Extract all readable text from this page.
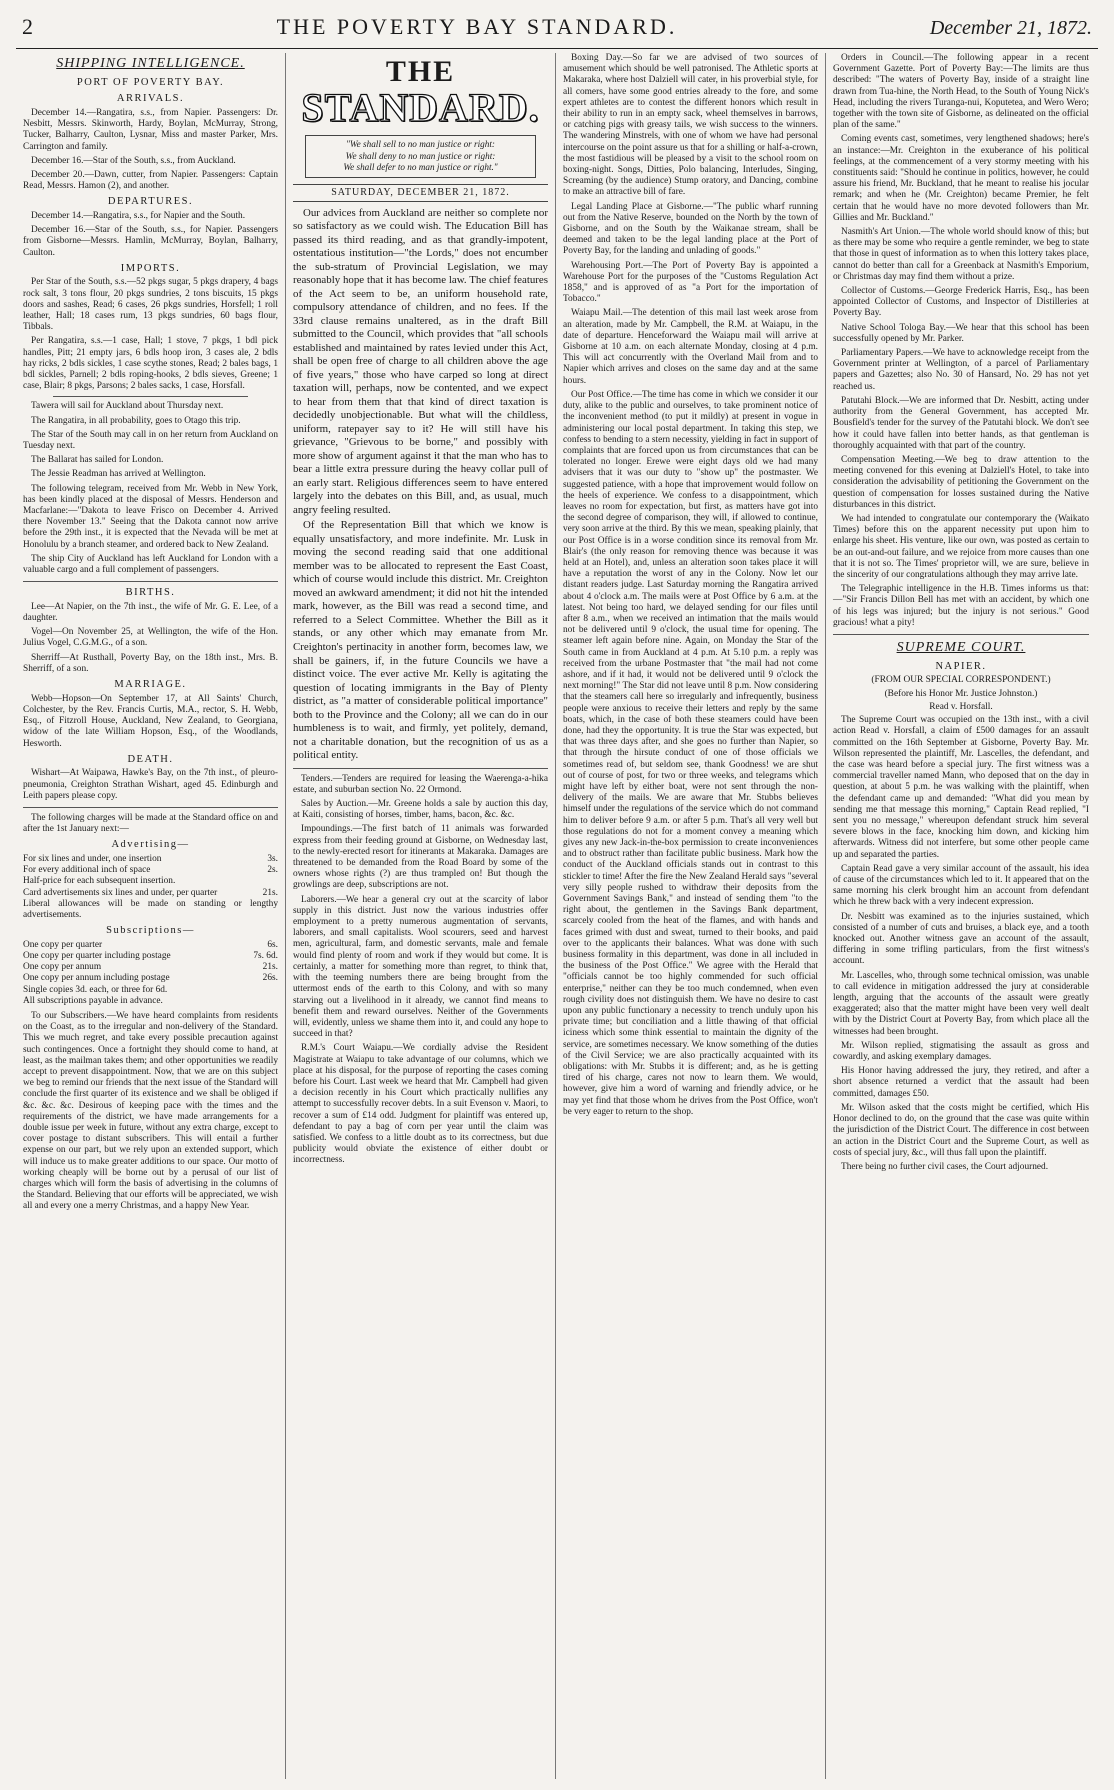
2	THE POVERTY BAY STANDARD.	December 21, 1872.
SHIPPING INTELLIGENCE.
PORT OF POVERTY BAY.
ARRIVALS.

December 14.—Rangatira, s.s., from Napier. Passengers: Dr. Nesbitt, Messrs. Skinworth, Hardy, Boylan, McMurray, Strong, Tucker, Balharry, Caulton, Lysnar, Miss and master Parker, Mrs. Carrington and family.

December 16.—Star of the South, s.s., from Auckland.

December 20.—Dawn, cutter, from Napier. Passengers: Captain Read, Messrs. Hamon (2), and another.

DEPARTURES.

December 14.—Rangatira, s.s., for Napier and the South.

December 16.—Star of the South, s.s., for Napier. Passengers from Gisborne—Messrs. Hamlin, McMurray, Boylan, Balharry, Caulton.

IMPORTS.

Per Star of the South, s.s.—52 pkgs sugar, 5 pkgs drapery, 4 bags rock salt, 3 tons flour, 20 pkgs sundries, 2 tons biscuits, 15 pkgs doors and sashes, Read; 6 cases, 26 pkgs sundries, Horsfell; 1 roll leather, Hall; 18 cases rum, 13 pkgs sundries, 60 bags flour, Tibbals.

Per Rangatira, s.s.—1 case, Hall; 1 stove, 7 pkgs, 1 bdl pick handles, Pitt; 21 empty jars, 6 bdls hoop iron, 3 cases ale, 2 bdls hay ricks, 2 bdls sickles, 1 case scythe stones, Read; 2 bales bags, 1 bdl sickles, Parnell; 2 bdls roping-hooks, 2 bdls sieves, Greene; 1 case, Blair; 8 pkgs, Parsons; 2 bales sacks, 1 case, Horsfall.

Tawera will sail for Auckland about Thursday next.

The Rangatira, in all probability, goes to Otago this trip.

The Star of the South may call in on her return from Auckland on Tuesday next.

The Ballarat has sailed for London.

The Jessie Readman has arrived at Wellington.

The following telegram, received from Mr. Webb in New York, has been kindly placed at the disposal of Messrs. Henderson and Macfarlane:—"Dakota to leave Frisco on December 4. Arrived there November 13." Seeing that the Dakota cannot now arrive before the 29th inst., it is expected that the Nevada will be met at Honolulu by a branch steamer, and ordered back to New Zealand.

The ship City of Auckland has left Auckland for London with a valuable cargo and a full complement of passengers.

BIRTHS.

Lee—At Napier, on the 7th inst., the wife of Mr. G. E. Lee, of a daughter.

Vogel—On November 25, at Wellington, the wife of the Hon. Julius Vogel, C.G.M.G., of a son.

Sherriff—At Rusthall, Poverty Bay, on the 18th inst., Mrs. B. Sherriff, of a son.

MARRIAGE.

Webb—Hopson—On September 17, at All Saints' Church, Colchester, by the Rev. Francis Curtis, M.A., rector, S. H. Webb, Esq., of Fitzroll House, Auckland, New Zealand, to Georgiana, widow of the late William Hopson, Esq., of the Woodlands, Hesworth.

DEATH.

Wishart—At Waipawa, Hawke's Bay, on the 7th inst., of pleuro-pneumonia, Creighton Strathan Wishart, aged 45. Edinburgh and Leith papers please copy.

The following charges will be made at the Standard office on and after the 1st January next:—

Advertising—
For six lines and under, one insertion	3s.
For every additional inch of space	2s.
Half-price for each subsequent insertion.
Card advertisements six lines and under, per quarter	21s.
Liberal allowances will be made on standing or lengthy advertisements.
Subscriptions—
One copy per quarter	6s.
One copy per quarter including postage	7s. 6d.
One copy per annum	21s.
One copy per annum including postage	26s.
Single copies 3d. each, or three for 6d.
All subscriptions payable in advance.

To our Subscribers.—We have heard complaints from residents on the Coast, as to the irregular and non-delivery of the Standard. This we much regret, and take every possible precaution against such contingences. Once a fortnight they should come to hand, at least, as the mailman takes them; and other opportunities we readily accept to prevent disappointment. Now, that we are on this subject we beg to remind our friends that the next issue of the Standard will conclude the first quarter of its existence and we shall be obliged if &c. &c. &c. Desirous of keeping pace with the times and the requirements of the district, we have made arrangements for a double issue per week in future, without any extra charge, except to cover postage to distant subscribers. This will entail a further expense on our part, but we rely upon an extended support, which will induce us to make greater additions to our space. Our motto of working cheaply will be borne out by a perusal of our list of charges which will form the basis of advertising in the columns of the Standard. Believing that our efforts will be appreciated, we wish all and every one a merry Christmas, and a happy New Year.

THE
STANDARD.
"We shall sell to no man justice or right:
We shall deny to no man justice or right:
We shall defer to no man justice or right."
SATURDAY, DECEMBER 21, 1872.

Our advices from Auckland are neither so complete nor so satisfactory as we could wish. The Education Bill has passed its third reading, and as that grandly-impotent, ostentatious institution—"the Lords," does not encumber the sub-stratum of Provincial Legislation, we may reasonably hope that it has become law. The chief features of the Act seem to be, an uniform household rate, compulsory attendance of children, and no fees. If the 33rd clause remains unaltered, as in the draft Bill submitted to the Council, which provides that "all schools established and maintained by rates levied under this Act, shall be open free of charge to all children above the age of five years," those who have carped so long at direct taxation will, perhaps, now be contented, and we expect to hear from them that that kind of direct taxation is decidedly unobjectionable. But what will the childless, uniform, ratepayer say to it? He will still have his grievance, "Grievous to be borne," and possibly with more show of argument against it that the man who has to bear a little extra pressure during the heavy collar pull of an early start. Religious differences seem to have entered largely into the debates on this Bill, and, as usual, much angry feeling resulted.

Of the Representation Bill that which we know is equally unsatisfactory, and more indefinite. Mr. Lusk in moving the second reading said that one additional member was to be allocated to represent the East Coast, which of course would include this district. Mr. Creighton moved an awkward amendment; it did not hit the intended mark, however, as the Bill was read a second time, and referred to a Select Committee. Whether the Bill as it stands, or any other which may emanate from Mr. Creighton's pertinacity in another form, becomes law, we shall be gainers, if, in the future Councils we have a distinct voice. The ever active Mr. Kelly is agitating the question of locating immigrants in the Bay of Plenty district, as "a matter of considerable political importance" both to the Province and the Colony; all we can do in our humbleness is to wait, and firmly, yet politely, demand, not a charitable donation, but the recognition of us as a political entity.

Tenders.—Tenders are required for leasing the Waerenga-a-hika estate, and suburban section No. 22 Ormond.

Sales by Auction.—Mr. Greene holds a sale by auction this day, at Kaiti, consisting of horses, timber, hams, bacon, &c. &c.

Impoundings.—The first batch of 11 animals was forwarded express from their feeding ground at Gisborne, on Wednesday last, to the newly-erected resort for itinerants at Makaraka. Damages are threatened to be demanded from the Road Board by some of the owners whose rights (?) are thus trampled on! But though the growlings are deep, subscriptions are not.

Laborers.—We hear a general cry out at the scarcity of labor supply in this district. Just now the various industries offer employment to a pretty numerous augmentation of servants, laborers, and small capitalists. Wool scourers, seed and harvest men, agricultural, farm, and domestic servants, male and female would find plenty of room and work if they would but come. It is certainly, a matter for something more than regret, to think that, with the teeming numbers there are being brought from the uttermost ends of the earth to this Colony, and with so many starving out a livelihood in it already, we cannot find means to benefit them and reward ourselves. Neither of the Governments will, evidently, unless we shame them into it, and could any hope to succeed in that?

R.M.'s Court Waiapu.—We cordially advise the Resident Magistrate at Waiapu to take advantage of our columns, which we place at his disposal, for the purpose of reporting the cases coming before his Court. Last week we heard that Mr. Campbell had given a decision recently in his Court which practically nullifies any attempt to successfully recover debts. In a suit Evenson v. Maori, to recover a sum of £14 odd. Judgment for plaintiff was entered up, defendant to pay a bag of corn per year until the claim was satisfied. We confess to a little doubt as to its correctness, but due publicity would obviate the existence of either doubt or incorrectness.

Boxing Day.—So far we are advised of two sources of amusement which should be well patronised. The Athletic sports at Makaraka, where host Dalziell will cater, in his proverbial style, for all comers, have some good entries already to the fore, and some expert athletes are to contest the different honors which result in their ability to run in an empty sack, wheel themselves in barrows, or catching pigs with greasy tails, we wish success to the winners. The wandering Minstrels, with one of whom we have had personal intercourse on the point assure us that for a shilling or half-a-crown, the most fastidious will be pleased by a visit to the school room on boxing-night. Songs, Ditties, Polo balancing, Interludes, Singing, Screaming (by the audience) Stump oratory, and Dancing, combine to make an attractive bill of fare.

Legal Landing Place at Gisborne.—"The public wharf running out from the Native Reserve, bounded on the North by the town of Gisborne, and on the South by the Waikanae stream, shall be deemed and taken to be the legal landing place at the Port of Poverty Bay, for the landing and unlading of goods."

Warehousing Port.—The Port of Poverty Bay is appointed a Warehouse Port for the purposes of the "Customs Regulation Act 1858," and is approved of as "a Port for the importation of Tobacco."

Waiapu Mail.—The detention of this mail last week arose from an alteration, made by Mr. Campbell, the R.M. at Waiapu, in the date of departure. Henceforward the Waiapu mail will arrive at Gisborne at 10 a.m. on each alternate Monday, closing at 4 p.m. This will act concurrently with the Overland Mail from and to Napier which arrives and closes on the same day and at the same hours.

Our Post Office.—The time has come in which we consider it our duty, alike to the public and ourselves, to take prominent notice of the inconvenient method (to put it mildly) at present in vogue in administering our local postal department. In taking this step, we confess to bending to a stern necessity, yielding in fact in support of complaints that are forced upon us from circumstances that can be tolerated no longer. Erewe were eight days old we had many advisers that it was our duty to "show up" the postmaster. We suggested patience, with a hope that improvement would follow on the heels of experience. We confess to a disappointment, which leaves no room for expectation, but first, as matters have got into the second degree of comparison, they will, if allowed to continue, very soon arrive at the third. By this we mean, speaking plainly, that our Post Office is in a worse condition since its removal from Mr. Blair's (the only reason for removing thence was because it was held at an Hotel), and, unless an alteration soon takes place it will have a reputation the worst of any in the Colony. Now let our distant readers judge. Last Saturday morning the Rangatira arrived about 4 o'clock a.m. The mails were at Post Office by 6 a.m. at the latest. Not being too hard, we delayed sending for our files until after 8 a.m., when we received an intimation that the mails would not be delivered until 9 o'clock, the usual time for opening. The steamer left again before nine. Again, on Monday the Star of the South came in from Auckland at 4 p.m. At 5.10 p.m. a reply was received from the urbane Postmaster that "the mail had not come ashore, and if it had, it would not be delivered until 9 o'clock the next morning!" The Star did not leave until 8 p.m. Now considering that the steamers call here so irregularly and infrequently, business people were anxious to receive their letters and reply by the same boats, which, in the case of both these steamers could have been done, had they the opportunity. It is true the Star was expected, but that was three days after, and she goes no further than Napier, so that through the hirsute conduct of one of those officials we sometimes read of, but seldom see, thank Goodness! we are shut out of course of post, for two or three weeks, and telegrams which might have left by either boat, were not sent through the non-delivery of the mails. We are aware that Mr. Stubbs believes himself under the regulations of the service which do not command him to deliver before 9 a.m. or after 5 p.m. That's all very well but those regulations do not for a moment convey a meaning which gives any new Jack-in-the-box permission to create inconveniences and to obstruct rather than facilitate public business. Mark how the conduct of the Auckland officials stands out in contrast to this stickler to time! After the fire the New Zealand Herald says "several very silly people rushed to withdraw their deposits from the Government Savings Bank," and instead of sending them "to the right about, the gentlemen in the Savings Bank department, scarcely cooled from the heat of the flames, and with hands and faces grimed with dust and sweat, turned to their books, and paid over to the applicants their balances. What was done with such business formality in this department, was done in all included in the business of the Post Office." We agree with the Herald that "officials cannot be too highly commended for such official enterprise," neither can they be too much condemned, when even rough civility does not distinguish them. We have no desire to cast upon any public functionary a necessity to trench unduly upon his private time; but conciliation and a little thawing of that official iciness which some think essential to maintain the dignity of the service, are sometimes necessary. We know something of the duties of the Civil Service; we are also practically acquainted with its obligations: with Mr. Stubbs it is different; and, as he is getting tired of his charge, cares not now to learn them. We would, however, give him a word of warning and friendly advice, or he may yet find that those whom he drives from the Post Office, won't be very eager to return to the shop.

Orders in Council.—The following appear in a recent Government Gazette. Port of Poverty Bay:—The limits are thus described: "The waters of Poverty Bay, inside of a straight line drawn from Tua-hine, the North Head, to the South of Young Nick's Head, including the rivers Turanga-nui, Koputetea, and Wero Wero; together with the town site of Gisborne, as delineated on the official plan of the same."

Coming events cast, sometimes, very lengthened shadows; here's an instance:—Mr. Creighton in the exuberance of his political feelings, at the commencement of a very stormy meeting with his constituents said: "Should he continue in politics, however, he could assure his friend, Mr. Buckland, that he meant to realise his jocular remark; and when he (Mr. Creighton) became Premier, he felt certain that he would have no more devoted followers than Mr. Gillies and Mr. Buckland."

Nasmith's Art Union.—The whole world should know of this; but as there may be some who require a gentle reminder, we beg to state that those in quest of information as to when this lottery takes place, cannot do better than call for a Greenback at Nasmith's Emporium, or Christmas day may find them without a prize.

Collector of Customs.—George Frederick Harris, Esq., has been appointed Collector of Customs, and Inspector of Distilleries at Poverty Bay.

Native School Tologa Bay.—We hear that this school has been successfully opened by Mr. Parker.

Parliamentary Papers.—We have to acknowledge receipt from the Government printer at Wellington, of a parcel of Parliamentary papers and Gazettes; also No. 30 of Hansard, No. 29 has not yet reached us.

Patutahi Block.—We are informed that Dr. Nesbitt, acting under authority from the General Government, has accepted Mr. Bousfield's tender for the survey of the Patutahi block. We don't see how it could have fallen into better hands, as that gentleman is thoroughly acquainted with that part of the country.

Compensation Meeting.—We beg to draw attention to the meeting convened for this evening at Dalziell's Hotel, to take into consideration the advisability of petitioning the Government on the question of compensation for losses sustained during the Native disturbances in this district.

We had intended to congratulate our contemporary the (Waikato Times) before this on the apparent necessity put upon him to enlarge his sheet. His venture, like our own, was posted as certain to be an out-and-out failure, and we rejoice from more causes than one that it is not so. The Times' proprietor will, we are sure, believe in the sincerity of our congratulations although they may arrive late.

The Telegraphic intelligence in the H.B. Times informs us that:—"Sir Francis Dillon Bell has met with an accident, by which one of his legs was injured; but the injury is not serious." Good gracious! what a pity!

SUPREME COURT.
NAPIER.
(FROM OUR SPECIAL CORRESPONDENT.)
(Before his Honor Mr. Justice Johnston.)
Read v. Horsfall.

The Supreme Court was occupied on the 13th inst., with a civil action Read v. Horsfall, a claim of £500 damages for an assault committed on the 16th September at Gisborne, Poverty Bay. Mr. Wilson represented the plaintiff, Mr. Lascelles, the defendant, and the case was heard before a special jury. The first witness was a commercial traveller named Mann, who deposed that on the day in question, at about 5 p.m. he was walking with the plaintiff, when the defendant came up and demanded: "What did you mean by sending me that message this morning," Captain Read replied, "I sent you no message," whereupon defendant struck him several severe blows in the face, knocking him down, and kicking him afterwards. Witness did not interfere, but some other people came up and separated the parties.

Captain Read gave a very similar account of the assault, his idea of cause of the circumstances which led to it. It appeared that on the same morning his clerk brought him an account from defendant which he threw back with a very indecent expression.

Dr. Nesbitt was examined as to the injuries sustained, which consisted of a number of cuts and bruises, a black eye, and a tooth knocked out. Another witness gave an account of the assault, differing in some trifling particulars, from the first witness's account.

Mr. Lascelles, who, through some technical omission, was unable to call evidence in mitigation addressed the jury at considerable length, arguing that the accounts of the assault were greatly exaggerated; also that the matter might have been very well dealt with by the District Court at Poverty Bay, from which place all the witnesses had been brought.

Mr. Wilson replied, stigmatising the assault as gross and cowardly, and asking exemplary damages.

His Honor having addressed the jury, they retired, and after a short absence returned a verdict that the assault had been committed, damages £50.

Mr. Wilson asked that the costs might be certified, which His Honor declined to do, on the ground that the case was quite within the jurisdiction of the District Court. The difference in cost between an action in the District Court and the Supreme Court, as well as costs of special jury, &c., will thus fall upon the plaintiff.

There being no further civil cases, the Court adjourned.
